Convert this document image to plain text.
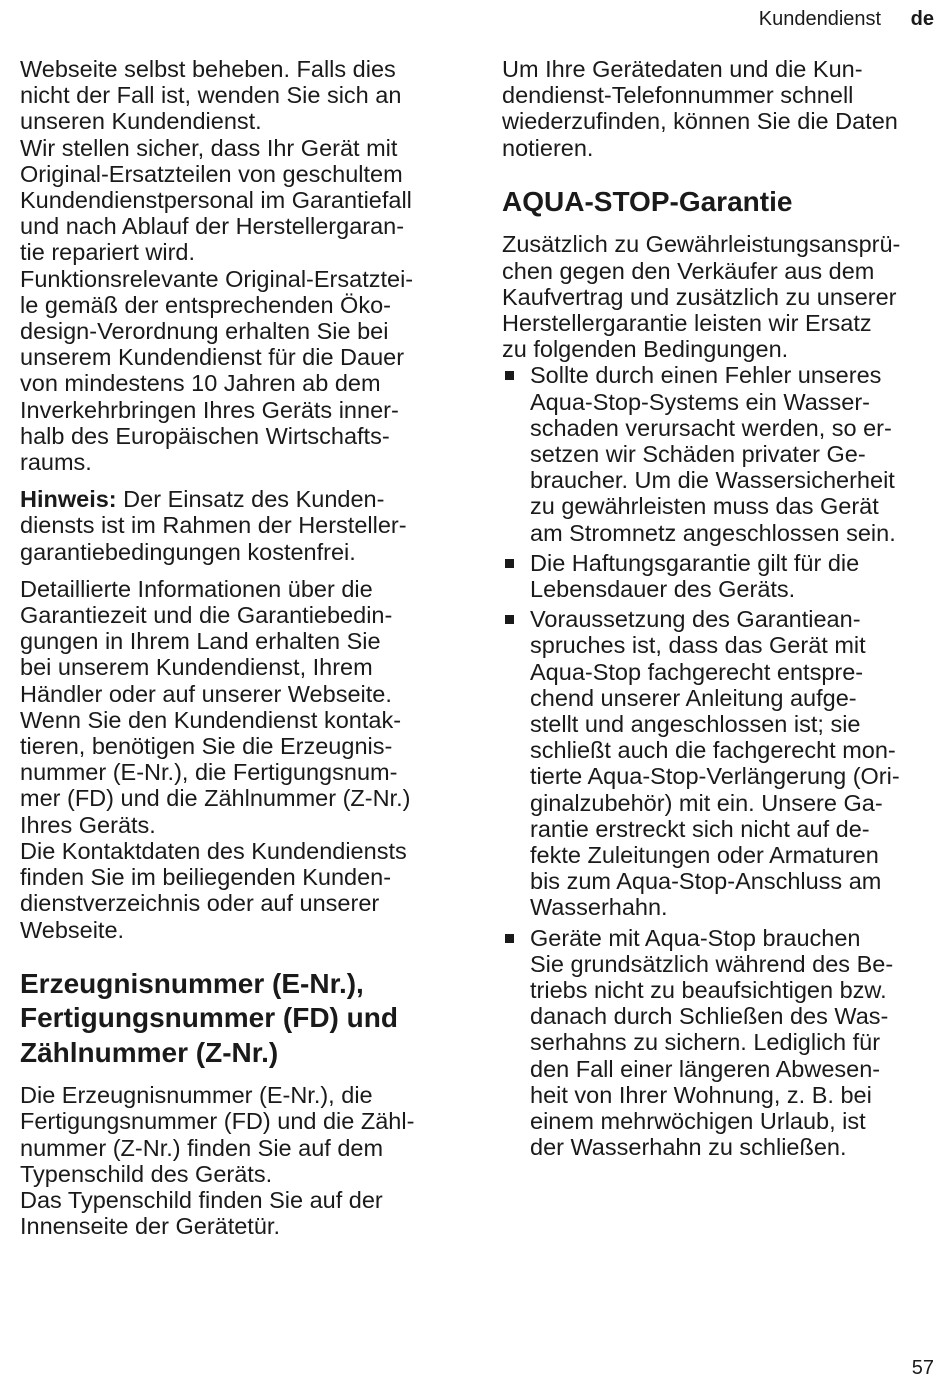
Kundendienst de

Webseite selbst beheben. Falls dies
nicht der Fall ist, wenden Sie sich an
unseren Kundendienst.
Wir stellen sicher, dass Ihr Gerät mit
Original-Ersatzteilen von geschultem
Kundendienstpersonal im Garantiefall
und nach Ablauf der Herstellergaran-
tie repariert wird.
Funktionsrelevante Original-Ersatztei-
le gemäß der entsprechenden Öko-
design-Verordnung erhalten Sie bei
unserem Kundendienst für die Dauer
von mindestens 10 Jahren ab dem
Inverkehrbringen Ihres Geräts inner-
halb des Europäischen Wirtschafts-
raums.

Hinweis: Der Einsatz des Kunden-
diensts ist im Rahmen der Hersteller-
garantiebedingungen kostenfrei.

Detaillierte Informationen über die
Garantiezeit und die Garantiebedin-
gungen in Ihrem Land erhalten Sie
bei unserem Kundendienst, Ihrem
Händler oder auf unserer Webseite.
Wenn Sie den Kundendienst kontak-
tieren, benötigen Sie die Erzeugnis-
nummer (E-Nr.), die Fertigungsnum-
mer (FD) und die Zählnummer (Z-Nr.)
Ihres Geräts.
Die Kontaktdaten des Kundendiensts
finden Sie im beiliegenden Kunden-
dienstverzeichnis oder auf unserer
Webseite.

Erzeugnisnummer (E-Nr.),
Fertigungsnummer (FD) und
Zählnummer (Z-Nr.)

Die Erzeugnisnummer (E-Nr.), die
Fertigungsnummer (FD) und die Zähl-
nummer (Z-Nr.) finden Sie auf dem
Typenschild des Geräts.
Das Typenschild finden Sie auf der
Innenseite der Gerätetür.

Um Ihre Gerätedaten und die Kun-
dendienst-Telefonnummer schnell
wiederzufinden, können Sie die Daten
notieren.

AQUA-STOP-Garantie

Zusätzlich zu Gewährleistungsansprü-
chen gegen den Verkäufer aus dem
Kaufvertrag und zusätzlich zu unserer
Herstellergarantie leisten wir Ersatz
zu folgenden Bedingungen.

Sollte durch einen Fehler unseres
Aqua-Stop-Systems ein Wasser-
schaden verursacht werden, so er-
setzen wir Schäden privater Ge-
braucher. Um die Wassersicherheit
zu gewährleisten muss das Gerät
am Stromnetz angeschlossen sein.
Die Haftungsgarantie gilt für die
Lebensdauer des Geräts.
Voraussetzung des Garantiean-
spruches ist, dass das Gerät mit
Aqua-Stop fachgerecht entspre-
chend unserer Anleitung aufge-
stellt und angeschlossen ist; sie
schließt auch die fachgerecht mon-
tierte Aqua-Stop-Verlängerung (Ori-
ginalzubehör) mit ein. Unsere Ga-
rantie erstreckt sich nicht auf de-
fekte Zuleitungen oder Armaturen
bis zum Aqua-Stop-Anschluss am
Wasserhahn.
Geräte mit Aqua-Stop brauchen
Sie grundsätzlich während des Be-
triebs nicht zu beaufsichtigen bzw.
danach durch Schließen des Was-
serhahns zu sichern. Lediglich für
den Fall einer längeren Abwesen-
heit von Ihrer Wohnung, z. B. bei
einem mehrwöchigen Urlaub, ist
der Wasserhahn zu schließen.
57
